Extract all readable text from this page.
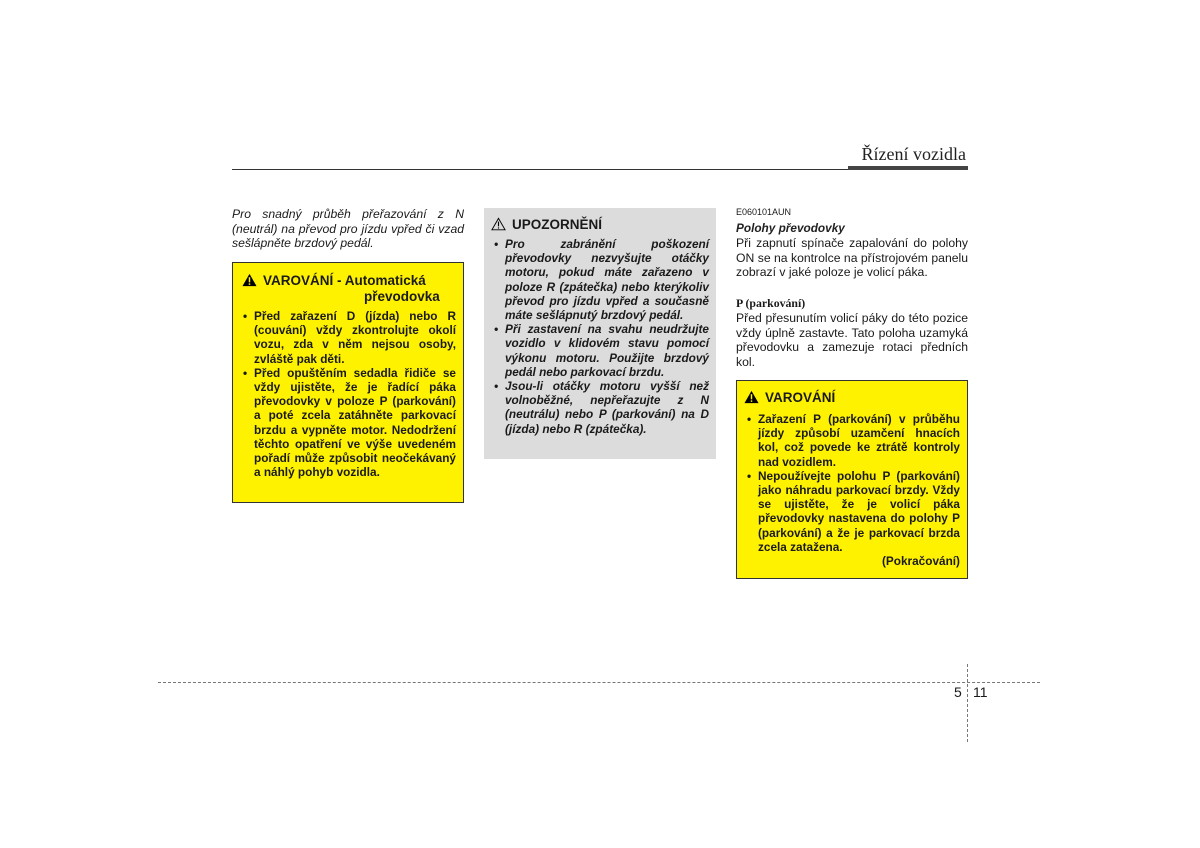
Řízení vozidla
Pro snadný průběh přeřazování z N (neutrál) na převod pro jízdu vpřed či vzad sešlápněte brzdový pedál.
VAROVÁNÍ - Automatická
převodovka
• Před zařazení D (jízda) nebo R (couvání) vždy zkontrolujte okolí vozu, zda v něm nejsou osoby, zvláště pak děti.
• Před opuštěním sedadla řidiče se vždy ujistěte, že je řadící páka převodovky v poloze P (parkování) a poté zcela zatáhněte parkovací brzdu a vypněte motor. Nedodržení těchto opatření ve výše uvedeném pořadí může způsobit neočekávaný a náhlý pohyb vozidla.
UPOZORNĚNÍ
• Pro zabránění poškození převodovky nezvyšujte otáčky motoru, pokud máte zařazeno v poloze R (zpátečka) nebo kterýkoliv převod pro jízdu vpřed a současně máte sešlápnutý brzdový pedál.
• Při zastavení na svahu neudržujte vozidlo v klidovém stavu pomocí výkonu motoru. Použijte brzdový pedál nebo parkovací brzdu.
• Jsou-li otáčky motoru vyšší než volnoběžné, nepřeřazujte z N (neutrálu) nebo P (parkování) na D (jízda) nebo R (zpátečka).
E060101AUN
Polohy převodovky
Při zapnutí spínače zapalování do polohy ON se na kontrolce na přístrojovém panelu zobrazí v jaké poloze je volicí páka.
P (parkování)
Před přesunutím volicí páky do této pozice vždy úplně zastavte. Tato poloha uzamyká převodovku a zamezuje rotaci předních kol.
VAROVÁNÍ
• Zařazení P (parkování) v průběhu jízdy způsobí uzamčení hnacích kol, což povede ke ztrátě kontroly nad vozidlem.
• Nepoužívejte polohu P (parkování) jako náhradu parkovací brzdy. Vždy se ujistěte, že je volicí páka převodovky nastavena do polohy P (parkování) a že je parkovací brzda zcela zatažena.
(Pokračování)
5 11
